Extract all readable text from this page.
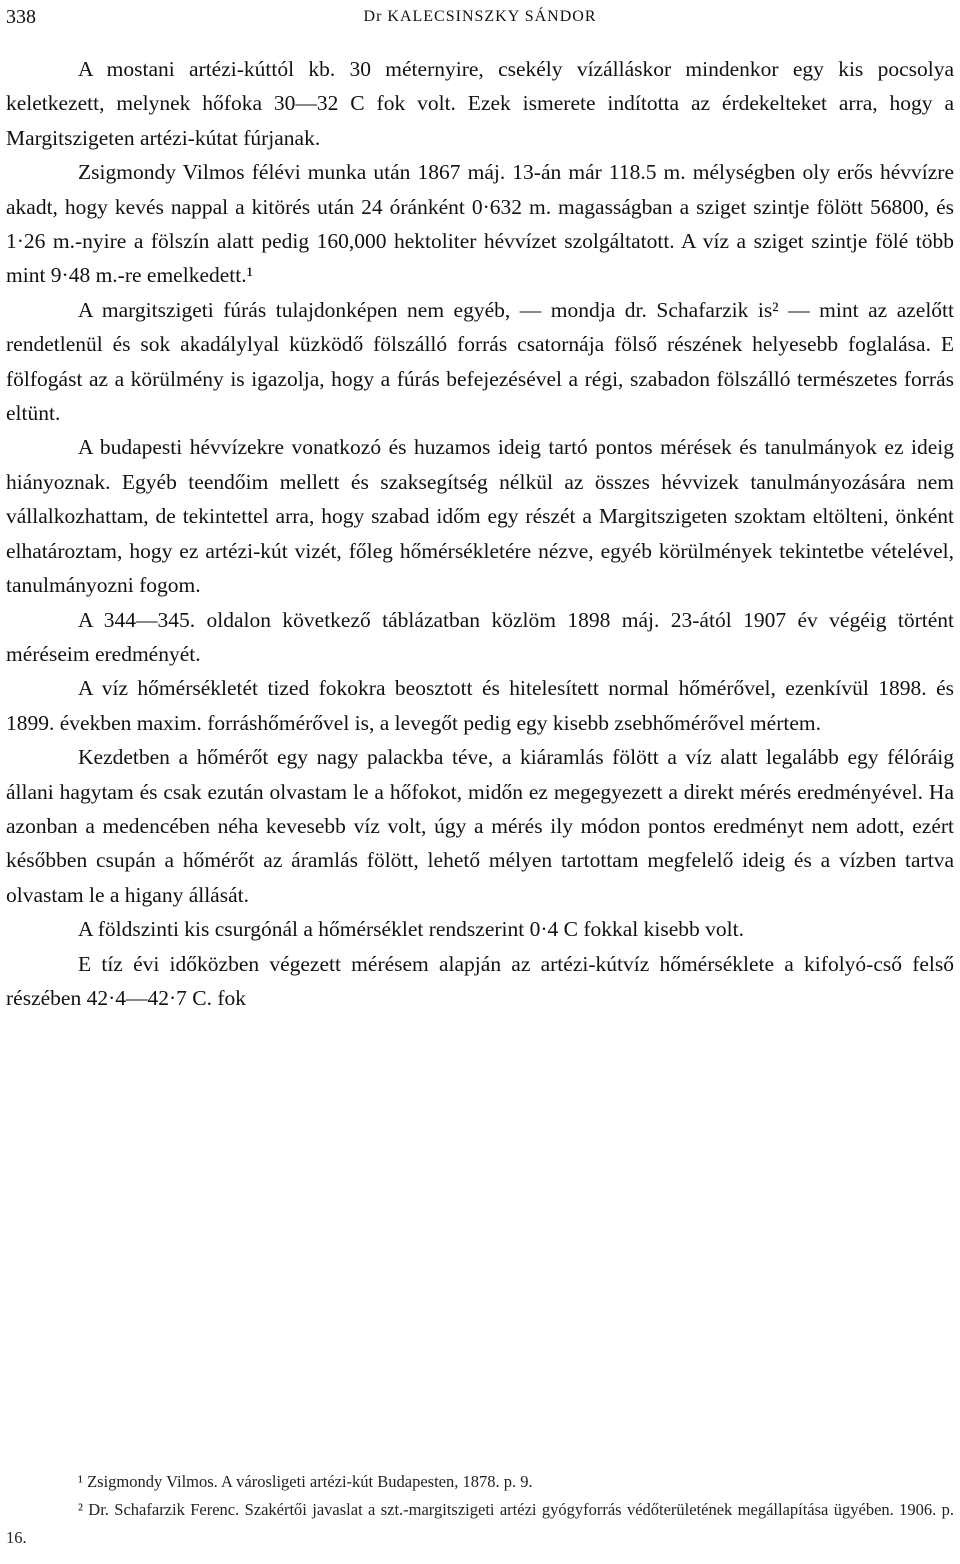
338	Dr KALECSINSZKY SÁNDOR

A mostani artézi-kúttól kb. 30 méternyire, csekély vízálláskor mindenkor egy kis pocsolya keletkezett, melynek hőfoka 30—32 C fok volt. Ezek ismerete indította az érdekelteket arra, hogy a Margitszigeten artézi-kútat fúrjanak.

Zsigmondy Vilmos félévi munka után 1867 máj. 13-án már 118.5 m. mélységben oly erős hévvízre akadt, hogy kevés nappal a kitörés után 24 óránként 0·632 m. magasságban a sziget szintje fölött 56800, és 1·26 m.-nyire a fölszín alatt pedig 160,000 hektoliter hévvízet szolgáltatott. A víz a sziget szintje fölé több mint 9·48 m.-re emelkedett.¹

A margitszigeti fúrás tulajdonképen nem egyéb, — mondja dr. Schafarzik is² — mint az azelőtt rendetlenül és sok akadálylyal küzködő fölszálló forrás csatornája fölső részének helyesebb foglalása. E fölfogást az a körülmény is igazolja, hogy a fúrás befejezésével a régi, szabadon fölszálló természetes forrás eltünt.

A budapesti hévvízekre vonatkozó és huzamos ideig tartó pontos mérések és tanulmányok ez ideig hiányoznak. Egyéb teendőim mellett és szaksegítség nélkül az összes hévvizek tanulmányozására nem vállalkozhattam, de tekintettel arra, hogy szabad időm egy részét a Margitszigeten szoktam eltölteni, önként elhatároztam, hogy ez artézi-kút vizét, főleg hőmérsékletére nézve, egyéb körülmények tekintetbe vételével, tanulmányozni fogom.

A 344—345. oldalon következő táblázatban közlöm 1898 máj. 23-ától 1907 év végéig történt méréseim eredményét.

A víz hőmérsékletét tized fokokra beosztott és hitelesített normal hőmérővel, ezenkívül 1898. és 1899. években maxim. forráshőmérővel is, a levegőt pedig egy kisebb zsebhőmérővel mértem.

Kezdetben a hőmérőt egy nagy palackba téve, a kiáramlás fölött a víz alatt legalább egy félóráig állani hagytam és csak ezután olvastam le a hőfokot, midőn ez megegyezett a direkt mérés eredményével. Ha azonban a medencében néha kevesebb víz volt, úgy a mérés ily módon pontos eredményt nem adott, ezért későbben csupán a hőmérőt az áramlás fölött, lehető mélyen tartottam megfelelő ideig és a vízben tartva olvastam le a higany állását.

A földszinti kis csurgónál a hőmérséklet rendszerint 0·4 C fokkal kisebb volt.

E tíz évi időközben végezett mérésem alapján az artézi-kútvíz hőmérséklete a kifolyó-cső felső részében 42·4—42·7 C. fok

¹ Zsigmondy Vilmos. A városligeti artézi-kút Budapesten, 1878. p. 9.

² Dr. Schafarzik Ferenc. Szakértői javaslat a szt.-margitszigeti artézi gyógyforrás védőterületének megállapítása ügyében. 1906. p. 16.
